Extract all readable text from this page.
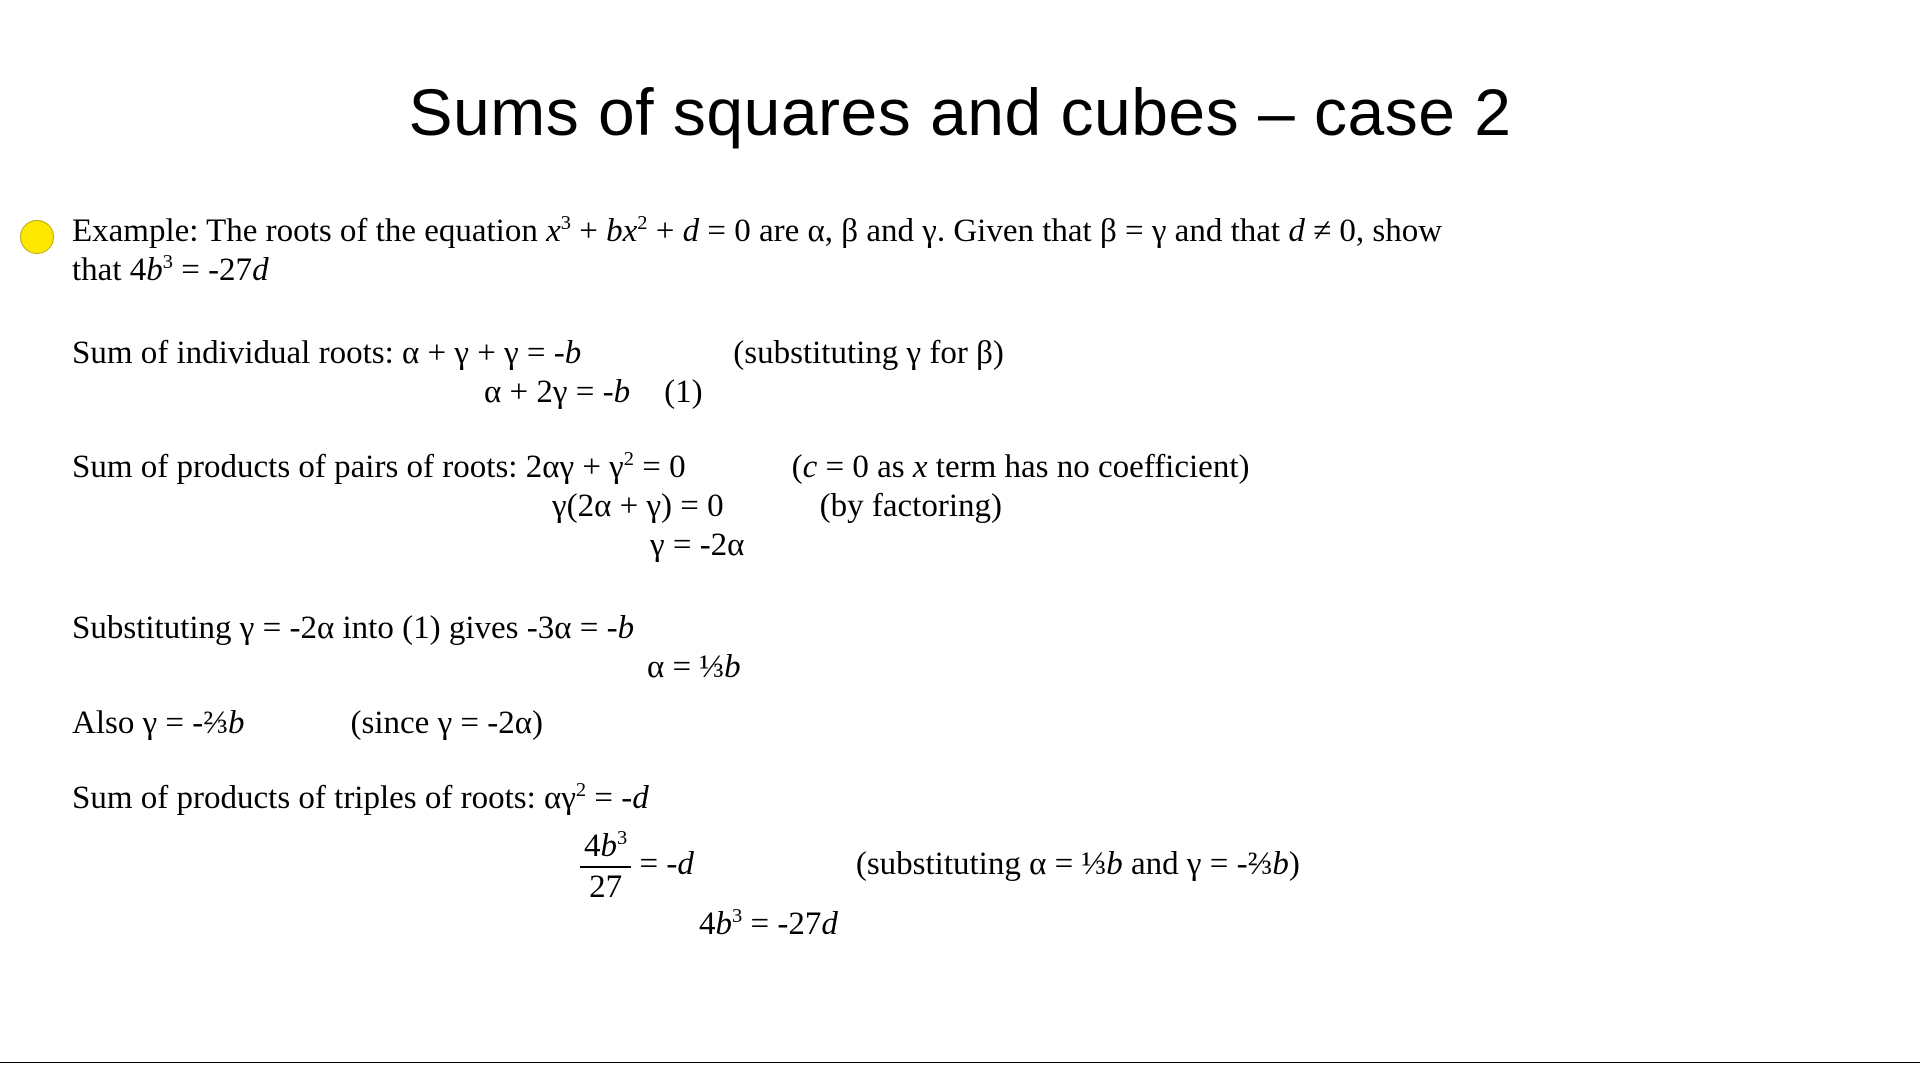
Sums of squares and cubes – case 2

Example: The roots of the equation $x^3 + bx^2 + d = 0$ are α, β and γ. Given that β = γ and that d ≠ 0, show

that $4b^3 = -27d$

Sum of individual roots: α + γ + γ = -b	(substituting γ for β)

α + 2γ = -b (1)

Sum of products of pairs of roots: $2\alpha\gamma + \gamma^2 = 0$	(c = 0 as x term has no coefficient)

γ(2α + γ) = 0	(by factoring)

γ = -2α

Substituting γ = -2α into (1) gives -3α = -b

α = ⅓b

Also γ = -⅔b	(since γ = -2α)

Sum of products of triples of roots: $\alpha\gamma^2 = -d$

$\frac{4b^3}{27} = -d$	(substituting α = ⅓b and γ = -⅔b)

$4b^3 = -27d$
